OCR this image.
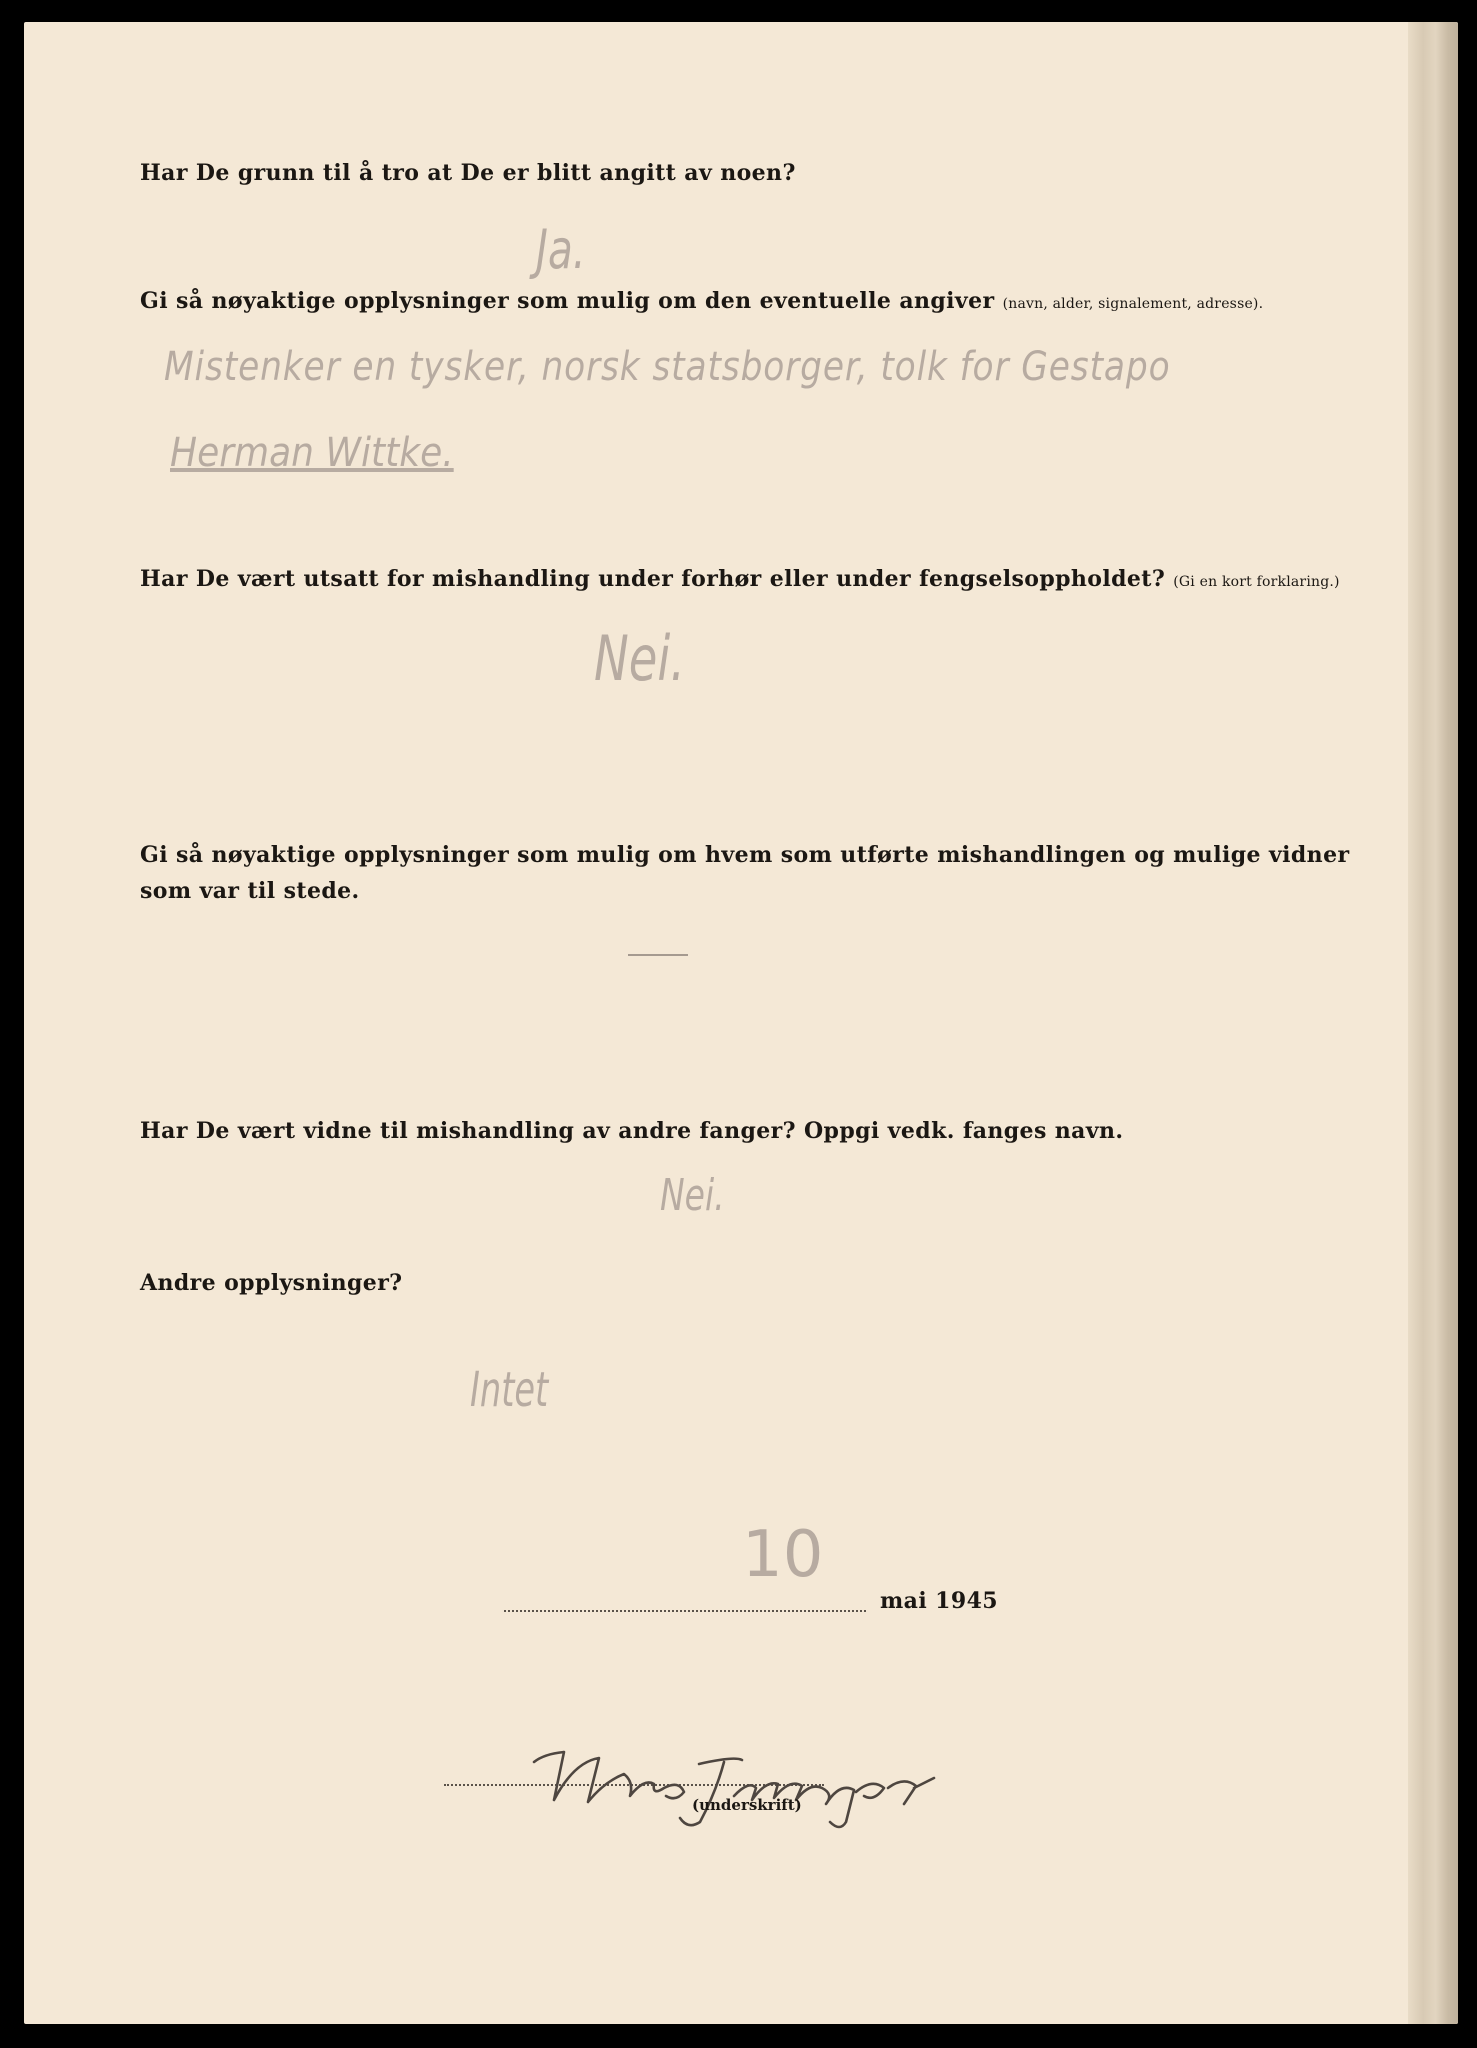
Har De grunn til å tro at De er blitt angitt av noen?
Ja.
Gi så nøyaktige opplysninger som mulig om den eventuelle angiver (navn, alder, signalement, adresse).
Mistenker en tysker, norsk statsborger, tolk for Gestapo
Herman Wittke.
Har De vært utsatt for mishandling under forhør eller under fengselsoppholdet? (Gi en kort forklaring.)
Nei.
Gi så nøyaktige opplysninger som mulig om hvem som utførte mishandlingen og mulige vidner
som var til stede.
Har De vært vidne til mishandling av andre fanger? Oppgi vedk. fanges navn.
Nei.
Andre opplysninger?
Intet
10
mai 1945
(underskrift)
